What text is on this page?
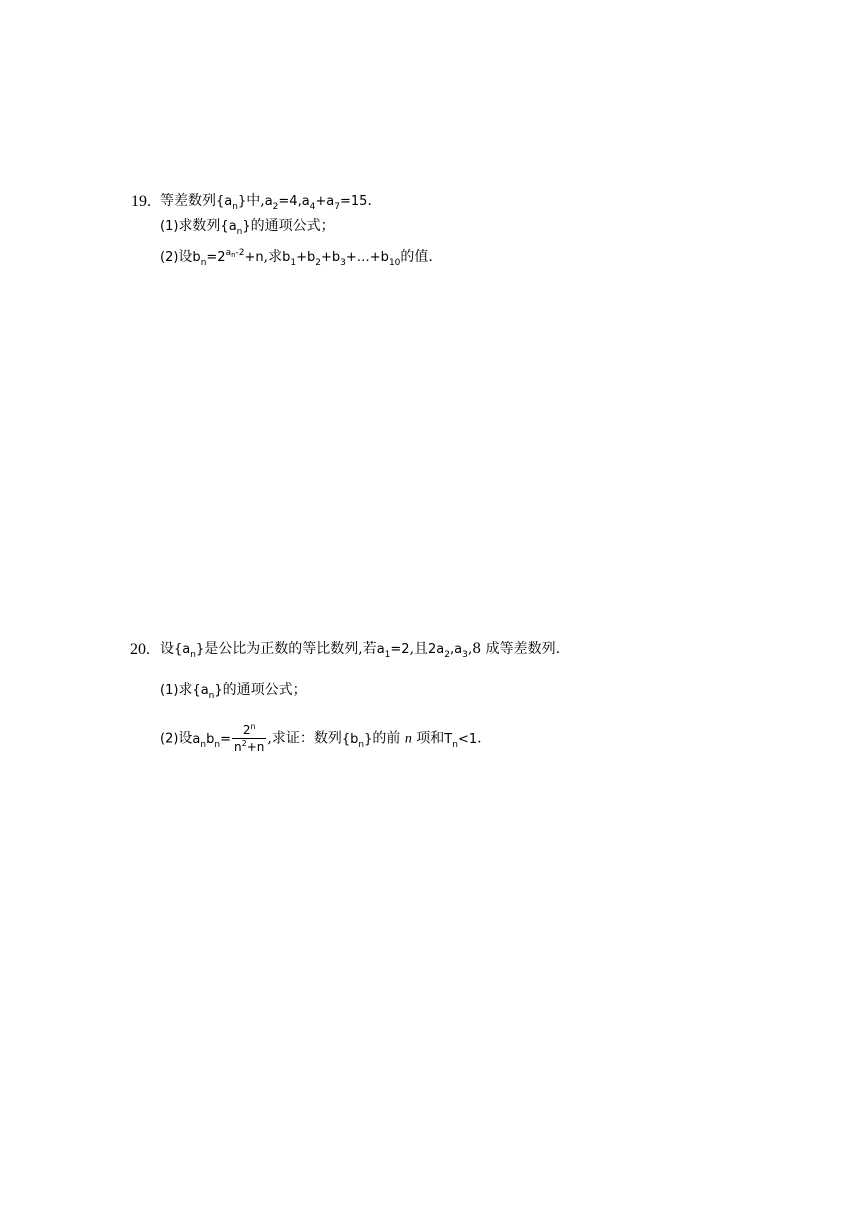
19. 等差数列$\{a_n\}$中$,a_2=4,a_4+a_7=15$.
(1)求数列$\{a_n\}$的通项公式；
(2)设$b_n=2^{a_n-2}+n$,求$b_1+b_2+b_3+\dots+b_{10}$的值.
20. 设$\{a_n\}$是公比为正数的等比数列,若$a_1=2$,且$2a_2,a_3,8$ 成等差数列.
(1)求$\{a_n\}$的通项公式；
(2)设$a_nb_n= \frac{2^n}{n^2+n}$ ,求证：数列$\{b_n\}$的前 n 项和$T_n<1$.
